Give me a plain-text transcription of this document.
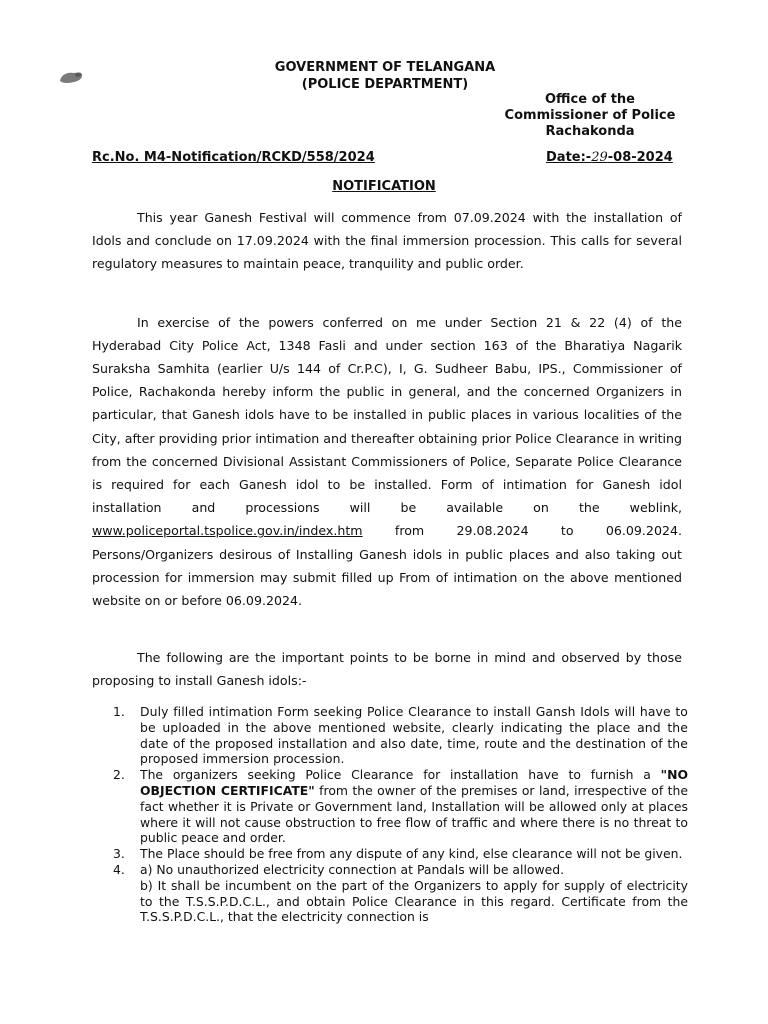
GOVERNMENT OF TELANGANA
(POLICE DEPARTMENT)
Office of the
Commissioner of Police
Rachakonda
Rc.No. M4-Notification/RCKD/558/2024	Date:-29-08-2024
NOTIFICATION

This year Ganesh Festival will commence from 07.09.2024 with the installation of Idols and conclude on 17.09.2024 with the final immersion procession. This calls for several regulatory measures to maintain peace, tranquility and public order.

In exercise of the powers conferred on me under Section 21 & 22 (4) of the Hyderabad City Police Act, 1348 Fasli and under section 163 of the Bharatiya Nagarik Suraksha Samhita (earlier U/s 144 of Cr.P.C), I, G. Sudheer Babu, IPS., Commissioner of Police, Rachakonda hereby inform the public in general, and the concerned Organizers in particular, that Ganesh idols have to be installed in public places in various localities of the City, after providing prior intimation and thereafter obtaining prior Police Clearance in writing from the concerned Divisional Assistant Commissioners of Police, Separate Police Clearance is required for each Ganesh idol to be installed. Form of intimation for Ganesh idol installation and processions will be available on the weblink, www.policeportal.tspolice.gov.in/index.htm	from 29.08.2024 to 06.09.2024. Persons/Organizers desirous of Installing Ganesh idols in public places and also taking out procession for immersion may submit filled up From of intimation on the above mentioned website on or before 06.09.2024.

The following are the important points to be borne in mind and observed by those proposing to install Ganesh idols:-

1. Duly filled intimation Form seeking Police Clearance to install Gansh Idols will have to be uploaded in the above mentioned website, clearly indicating the place and the date of the proposed installation and also date, time, route and the destination of the proposed immersion procession.
2. The organizers seeking Police Clearance for installation have to furnish a "NO OBJECTION CERTIFICATE" from the owner of the premises or land, irrespective of the fact whether it is Private or Government land, Installation will be allowed only at places where it will not cause obstruction to free flow of traffic and where there is no threat to public peace and order.
3. The Place should be free from any dispute of any kind, else clearance will not be given.
4. a) No unauthorized electricity connection at Pandals will be allowed.
b) It shall be incumbent on the part of the Organizers to apply for supply of electricity to the T.S.S.P.D.C.L., and obtain Police Clearance in this regard. Certificate from the T.S.S.P.D.C.L., that the electricity connection is
